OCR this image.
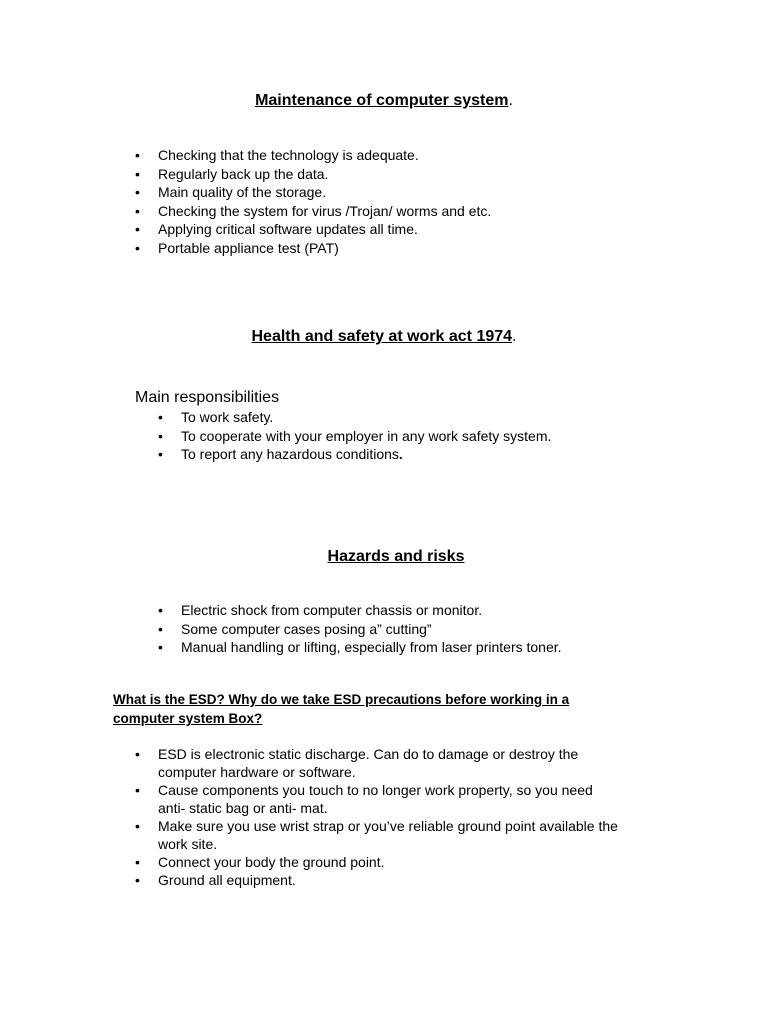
Maintenance of computer system.
• Checking that the technology is adequate.
• Regularly back up the data.
• Main quality of the storage.
• Checking the system for virus /Trojan/ worms and etc.
• Applying critical software updates all time.
• Portable appliance test (PAT)
Health and safety at work act 1974.
Main responsibilities
• To work safety.
• To cooperate with your employer in any work safety system.
• To report any hazardous conditions.
Hazards and risks
• Electric shock from computer chassis or monitor.
• Some computer cases posing a” cutting”
• Manual handling or lifting, especially from laser printers toner.
What is the ESD? Why do we take ESD precautions before working in a
computer system Box?
• ESD is electronic static discharge. Can do to damage or destroy the
computer hardware or software.
• Cause components you touch to no longer work property, so you need
anti- static bag or anti- mat.
• Make sure you use wrist strap or you’ve reliable ground point available the
work site.
• Connect your body the ground point.
• Ground all equipment.
